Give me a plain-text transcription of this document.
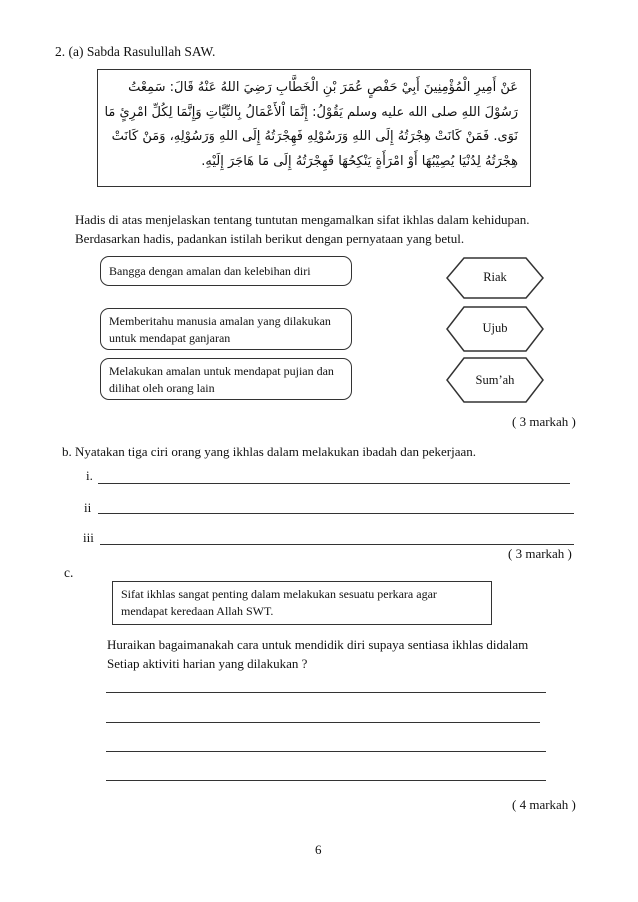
2. (a) Sabda Rasulullah SAW.
عَنْ أَمِيرِ الْمُؤْمِنِينَ أَبِيْ حَفْصٍ عُمَرَ بْنِ الْخَطَّابِ رَضِيَ اللهُ عَنْهُ قَالَ: سَمِعْتُ
رَسُوْلَ اللهِ صلى الله عليه وسلم يَقُوْلُ: إِنَّمَا اْلأَعْمَالُ بِالنِّيَّاتِ وَإِنَّمَا لِكُلِّ امْرِئٍ مَا
نَوَى. فَمَنْ كَانَتْ هِجْرَتُهُ إِلَى اللهِ وَرَسُوْلِهِ فَهِجْرَتُهُ إِلَى اللهِ وَرَسُوْلِهِ، وَمَنْ كَانَتْ
هِجْرَتُهُ لِدُنْيَا يُصِيْبُهَا أَوْ امْرَأَةٍ يَنْكِحُهَا فَهِجْرَتُهُ إِلَى مَا هَاجَرَ إِلَيْهِ.
Hadis di atas menjelaskan tentang tuntutan mengamalkan sifat ikhlas dalam kehidupan.
Berdasarkan hadis, padankan istilah berikut dengan pernyataan yang betul.
Bangga dengan amalan dan kelebihan diri
Memberitahu manusia amalan yang dilakukan untuk mendapat ganjaran
Melakukan amalan untuk mendapat pujian dan dilihat oleh orang lain
Riak
Ujub
Sum’ah
( 3 markah )
b. Nyatakan tiga ciri orang yang ikhlas dalam melakukan ibadah dan pekerjaan.
i.
ii
iii
( 3 markah )
c.
Sifat ikhlas sangat penting dalam melakukan sesuatu perkara agar mendapat keredaan Allah SWT.
Huraikan bagaimanakah cara untuk mendidik diri supaya sentiasa ikhlas didalam
Setiap aktiviti harian yang dilakukan ?
( 4 markah )
6
